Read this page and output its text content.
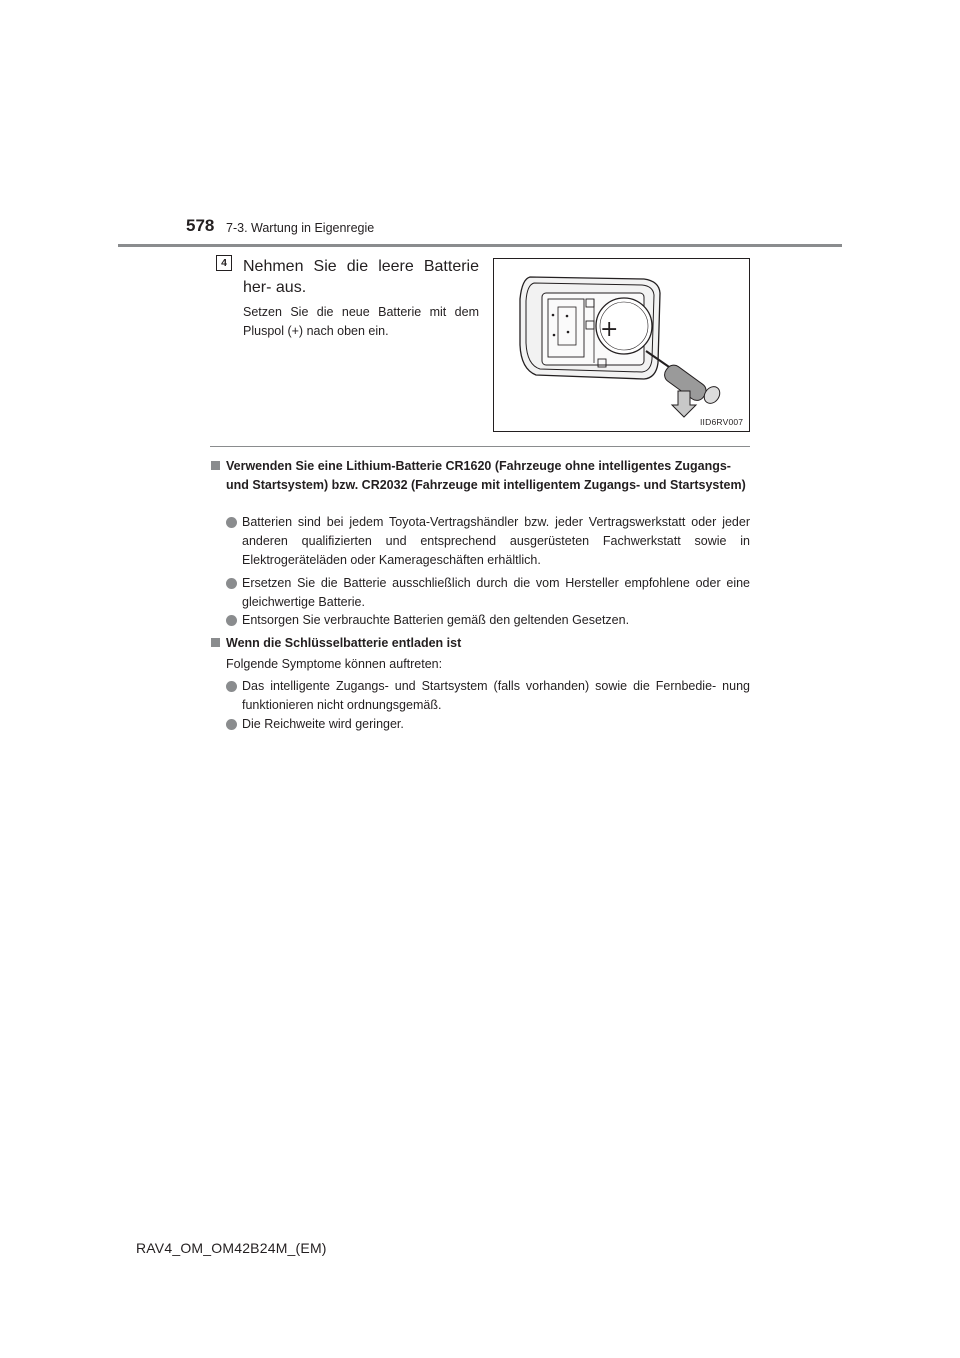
578 7-3. Wartung in Eigenregie
4	Nehmen Sie die leere Batterie her- aus.
Setzen Sie die neue Batterie mit dem Pluspol (+) nach oben ein.	+
IID6RV007
Verwenden Sie eine Lithium-Batterie CR1620 (Fahrzeuge ohne intelligentes Zugangs- und Startsystem) bzw. CR2032 (Fahrzeuge mit intelligentem Zugangs- und Startsystem)
Batterien sind bei jedem Toyota-Vertragshändler bzw. jeder Vertragswerkstatt oder jeder anderen qualifizierten und entsprechend ausgerüsteten Fachwerkstatt sowie in Elektrogeräteläden oder Kamerageschäften erhältlich.
Ersetzen Sie die Batterie ausschließlich durch die vom Hersteller empfohlene oder eine gleichwertige Batterie.
Entsorgen Sie verbrauchte Batterien gemäß den geltenden Gesetzen.
Wenn die Schlüsselbatterie entladen ist
Folgende Symptome können auftreten:
Das intelligente Zugangs- und Startsystem (falls vorhanden) sowie die Fernbedie- nung funktionieren nicht ordnungsgemäß.
Die Reichweite wird geringer.
RAV4_OM_OM42B24M_(EM)
